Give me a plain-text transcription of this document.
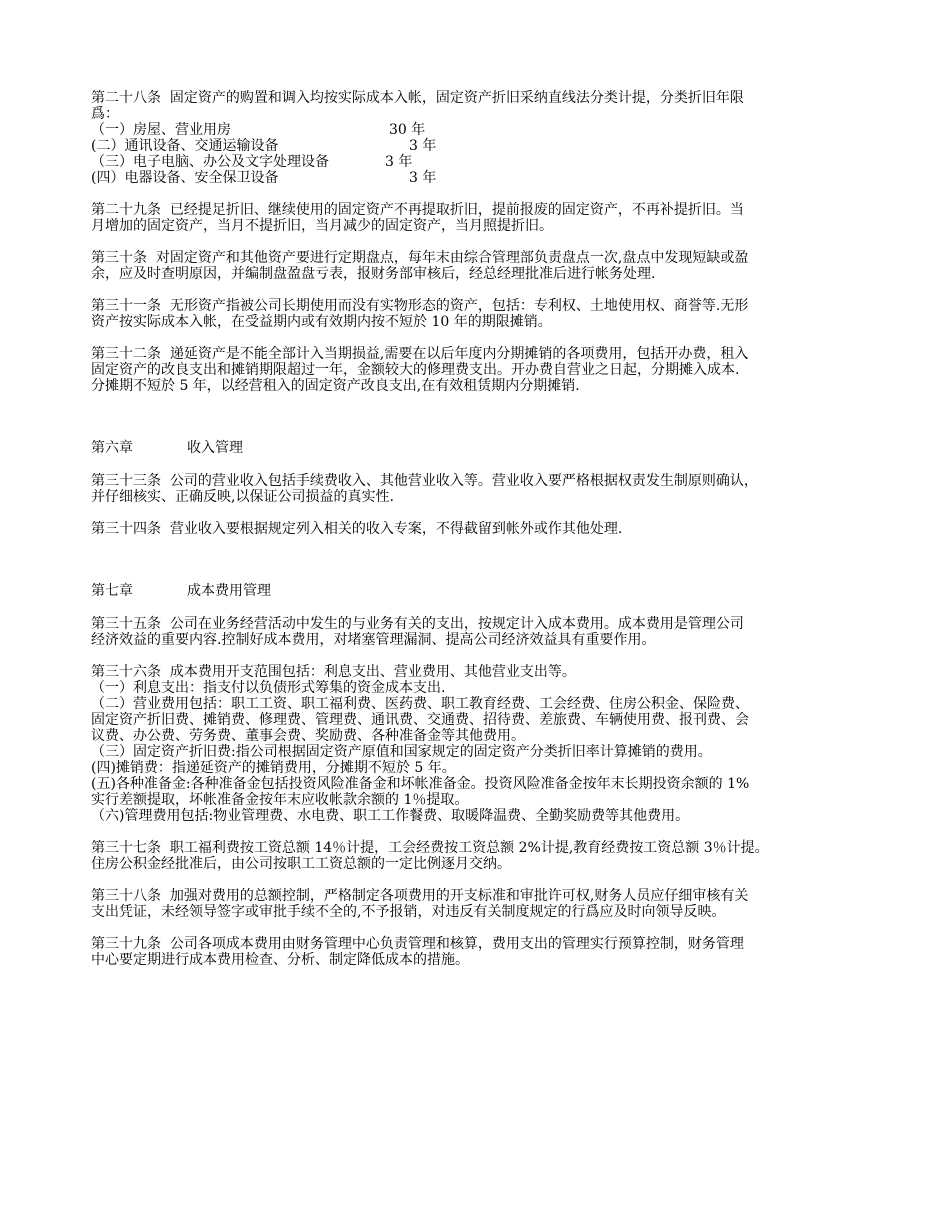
第二十八条  固定资产的购置和调入均按实际成本入帐，固定资产折旧采纳直线法分类计提，分类折旧年限
爲：
（一）房屋、营业用房	30 年
(二）通讯设备、交通运输设备	3 年
（三）电子电脑、办公及文字处理设备	3 年
(四）电器设备、安全保卫设备	3 年
第二十九条  已经提足折旧、继续使用的固定资产不再提取折旧，提前报废的固定资产，不再补提折旧。当
月增加的固定资产，当月不提折旧，当月减少的固定资产，当月照提折旧。
第三十条  对固定资产和其他资产要进行定期盘点，每年末由综合管理部负责盘点一次,盘点中发现短缺或盈
余，应及时查明原因，并编制盘盈盘亏表，报财务部审核后，经总经理批准后进行帐务处理.
第三十一条  无形资产指被公司长期使用而没有实物形态的资产，包括：专利权、土地使用权、商誉等.无形
资产按实际成本入帐，在受益期内或有效期内按不短於 10 年的期限摊销。
第三十二条  递延资产是不能全部计入当期损益,需要在以后年度内分期摊销的各项费用，包括开办费，租入
固定资产的改良支出和摊销期限超过一年，金额较大的修理费支出。开办费自营业之日起，分期摊入成本.
分摊期不短於 5 年，以经营租入的固定资产改良支出,在有效租赁期内分期摊销.
第六章	收入管理
第三十三条  公司的营业收入包括手续费收入、其他营业收入等。营业收入要严格根据权责发生制原则确认，
并仔细核实、正确反映,以保证公司损益的真实性.
第三十四条  营业收入要根据规定列入相关的收入专案，不得截留到帐外或作其他处理.
第七章	成本费用管理
第三十五条  公司在业务经营活动中发生的与业务有关的支出，按规定计入成本费用。成本费用是管理公司
经济效益的重要内容.控制好成本费用，对堵塞管理漏洞、提高公司经济效益具有重要作用。
第三十六条  成本费用开支范围包括：利息支出、营业费用、其他营业支出等。
（一）利息支出：指支付以负债形式筹集的资金成本支出.
（二）营业费用包括：职工工资、职工福利费、医药费、职工教育经费、工会经费、住房公积金、保险费、
固定资产折旧费、摊销费、修理费、管理费、通讯费、交通费、招待费、差旅费、车辆使用费、报刊费、会
议费、办公费、劳务费、董事会费、奖励费、各种准备金等其他费用。
（三）固定资产折旧费:指公司根据固定资产原值和国家规定的固定资产分类折旧率计算摊销的费用。
(四)摊销费：指递延资产的摊销费用，分摊期不短於 5 年。
(五)各种准备金:各种准备金包括投资风险准备金和坏帐准备金。投资风险准备金按年末长期投资余额的 1%
实行差额提取，坏帐准备金按年末应收帐款余额的 1％提取。
（六)管理费用包括:物业管理费、水电费、职工工作餐费、取暖降温费、全勤奖励费等其他费用。
第三十七条  职工福利费按工资总额 14％计提，工会经费按工资总额 2%计提,教育经费按工资总额 3％计提。
住房公积金经批准后，由公司按职工工资总额的一定比例逐月交纳。
第三十八条  加强对费用的总额控制，严格制定各项费用的开支标准和审批许可权,财务人员应仔细审核有关
支出凭证，未经领导签字或审批手续不全的,不予报销，对违反有关制度规定的行爲应及时向领导反映。
第三十九条  公司各项成本费用由财务管理中心负责管理和核算，费用支出的管理实行预算控制，财务管理
中心要定期进行成本费用检查、分析、制定降低成本的措施。
